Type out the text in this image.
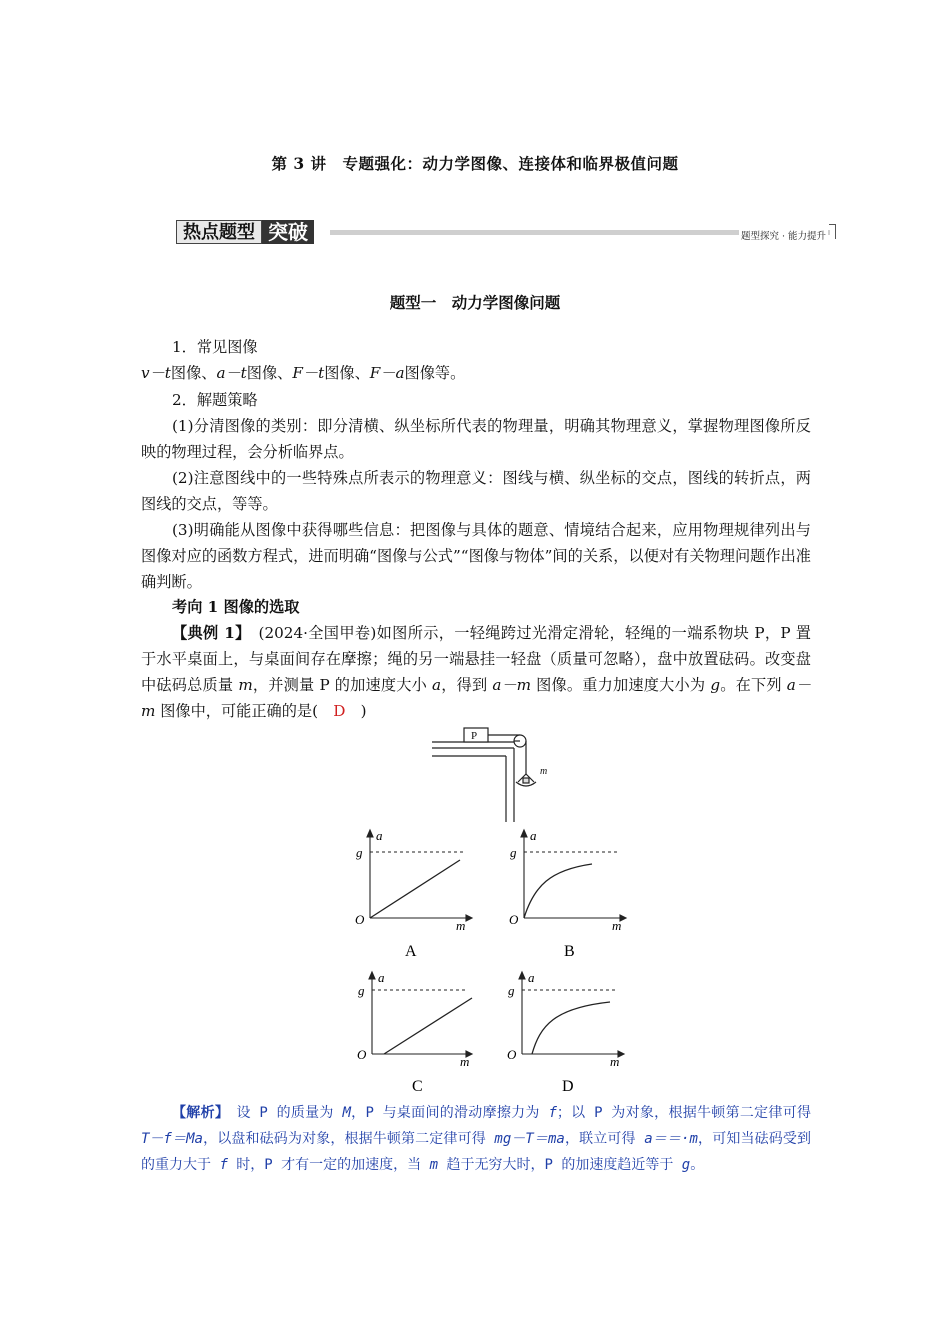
第 3 讲　专题强化：动力学图像、连接体和临界极值问题
热点题型 突破	题型探究 · 能力提升
题型一　动力学图像问题
1．常见图像
v－t图像、a－t图像、F－t图像、F－a图像等。
2．解题策略
(1)分清图像的类别：即分清横、纵坐标所代表的物理量，明确其物理意义，掌握物理图像所反映的物理过程，会分析临界点。
(2)注意图线中的一些特殊点所表示的物理意义：图线与横、纵坐标的交点，图线的转折点，两图线的交点，等等。
(3)明确能从图像中获得哪些信息：把图像与具体的题意、情境结合起来，应用物理规律列出与图像对应的函数方程式，进而明确“图像与公式”“图像与物体”间的关系，以便对有关物理问题作出准确判断。
考向 1 图像的选取
【典例 1】　 (2024·全国甲卷)如图所示，一轻绳跨过光滑定滑轮，轻绳的一端系物块 P，P 置于水平桌面上，与桌面间存在摩擦；绳的另一端悬挂一轻盘（质量可忽略），盘中放置砝码。改变盘中砝码总质量 m，并测量 P 的加速度大小 a，得到 a－m 图像。重力加速度大小为 g。在下列 a－m 图像中，可能正确的是(　 D　 )
P
m
a
g
O	m
A
a
g
O	m
B
a
g
O	m
C
a
g
O	m
D
【解析】　 设 P 的质量为 M，P 与桌面间的滑动摩擦力为 f；以 P 为对象，根据牛顿第二定律可得 T－f＝Ma，以盘和砝码为对象，根据牛顿第二定律可得 mg－T＝ma，联立可得 a＝＝·m，可知当砝码受到的重力大于 f 时，P 才有一定的加速度，当 m 趋于无穷大时，P 的加速度趋近等于 g。
